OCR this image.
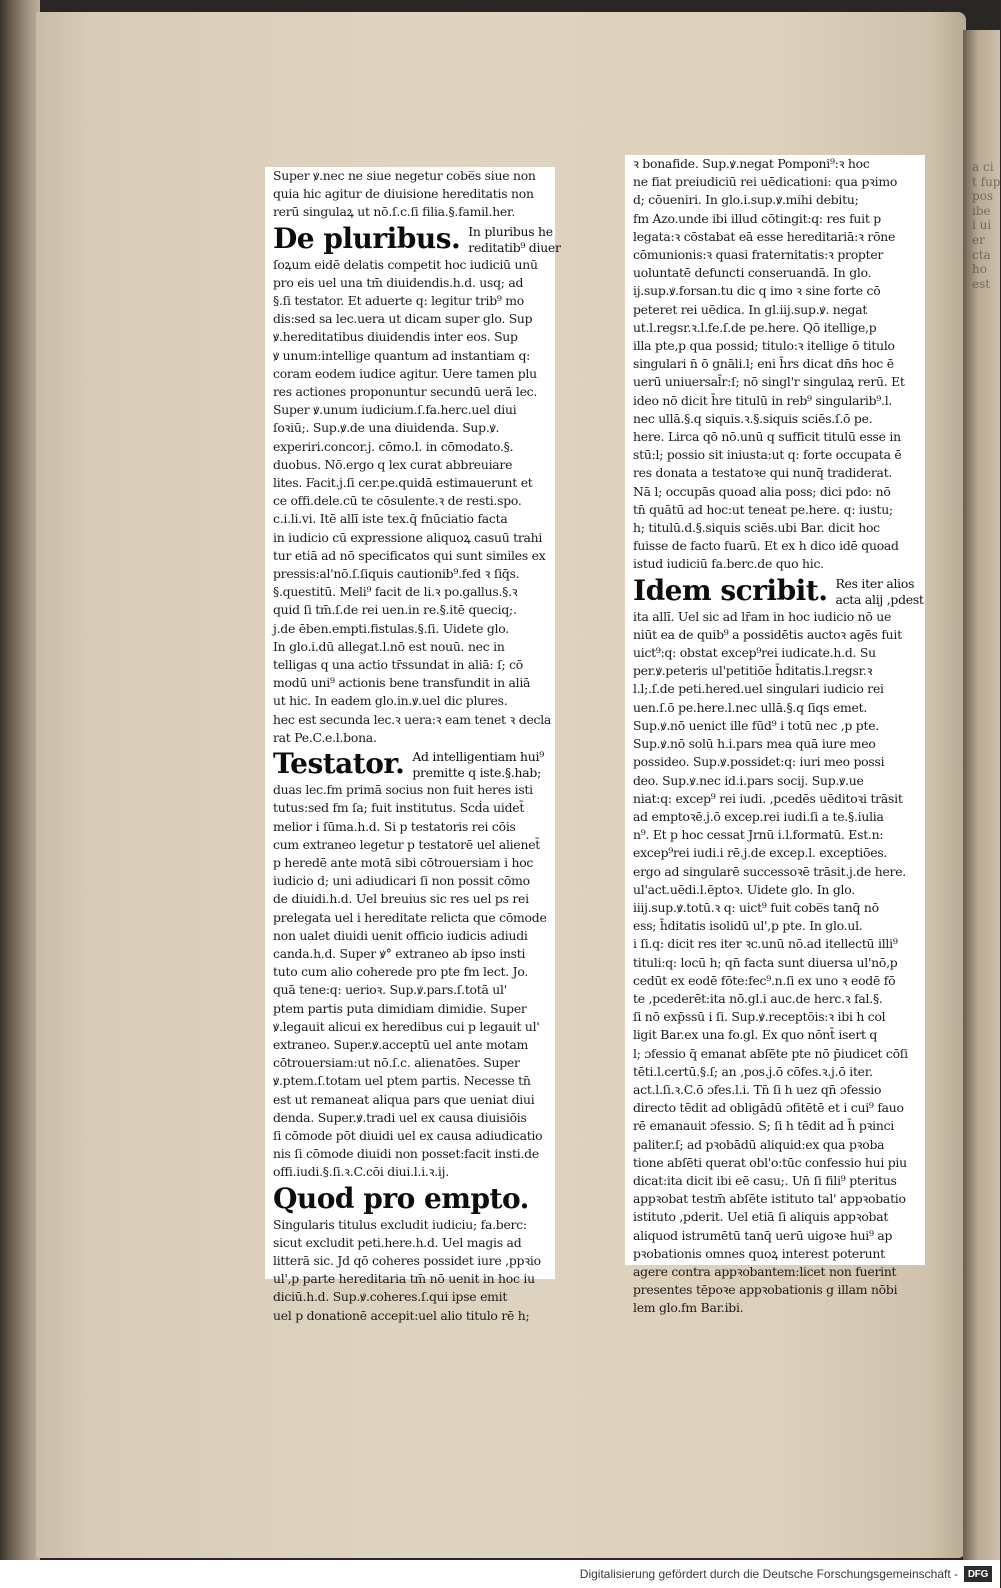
a ci
t fup
pos
ibe
i ui
er
cta
ho
est
Super ꝟ.nec ne siue negetur cobe̅s siue non
quia hic agitur de diuisione hereditatis non
rerū singulaꝝ ut nō.ſ.c.ſi filia.§.famil.her.
De pluribus. In pluribus he
reditatib⁹ diuer
ſoꝝum eidē delatis competit hoc iudiciū unū
pro eis uel una tm̄ diuidendis.h.d. usq; ad
§.ſi testator. Et aduerte q: legitur trib⁹ mo
dis:sed sa lec.uera ut dicam super glo. Sup
ꝟ.hereditatibus diuidendis inter eos. Sup
ꝟ unum:intellige quantum ad instantiam q:
coram eodem iudice agitur. Uere tamen plu
res actiones proponuntur secundū uerā lec.
Super ꝟ.unum iudicium.ſ.fa.herc.uel diui
ſoꝛiū;. Sup.ꝟ.de una diuidenda. Sup.ꝟ.
experiri.concor.j. cōmo.l. in cōmodato.§.
duobus. Nō.ergo q lex curat abbreuiare
lites. Facit.j.ſi cer.pe.quidā estimauerunt et
ce offi.dele.cū te cōsulente.ꝛ de resti.spo.
c.i.li.vi. Itē allī iste tex.q̄ fnūciatio facta
in iudicio cū expressione aliquoꝝ casuū trahi
tur etiā ad nō specificatos qui sunt similes ex
pressis:al'nō.ſ.ſiquis cautionib⁹.fed ꝛ ſiq̄s.
§.questitū. Meli⁹ facit de li.ꝛ po.gallus.§.ꝛ
quid ſi tm̄.ſ.de rei uen.in re.§.itē queciq;.
j.de ēben.empti.fistulas.§.ſi. Uidete glo.
In glo.i.dū allegat.l.nō est nouū. nec in
telligas q una actio tr̄ssundat in aliā: ſ; cō
modū uni⁹ actionis bene transfundit in aliā
ut hic. In eadem glo.in.ꝟ.uel dic plures.
hec est secunda lec.ꝛ uera:ꝛ eam tenet ꝛ decla
rat Pe.C.e.l.bona.
Testator. Ad intelligentiam hui⁹
premitte q iste.§.hab;
duas lec.fm primā socius non fuit heres isti
tutus:sed fm ſa; fuit institutus. Scḋa uidet̄
melior i ſūma.h.d. Si p testatoris rei cōis
cum extraneo legetur p testatorē uel alienet̄
p heredē ante motā sibi cōtrouersiam i hoc
iudicio d; uni adiudicari ſi non possit cōmo
de diuidi.h.d. Uel breuius sic res uel ps rei
prelegata uel i hereditate relicta que cōmode
non ualet diuidi uenit officio iudicis adiudi
canda.h.d. Super ꝟ° extraneo ab ipso insti
tuto cum alio coherede pro pte fm lect. Jo.
quā tene:q: uerioꝛ. Sup.ꝟ.pars.ſ.totā ul'
ptem partis puta dimidiam dimidie. Super
ꝟ.legauit alicui ex heredibus cui p legauit ul'
extraneo. Super.ꝟ.acceptū uel ante motam
cōtrouersiam:ut nō.ſ.c. alienatōes. Super
ꝟ.ptem.ſ.totam uel ptem partis. Necesse tn̄
est ut remaneat aliqua pars que ueniat diui
denda. Super.ꝟ.tradi uel ex causa diuisiōis
ſi cōmode pōt diuidi uel ex causa adiudicatio
nis ſi cōmode diuidi non posset:facit insti.de
offi.iudi.§.ſi.ꝛ.C.cōi diui.l.i.ꝛ.ij.
Quod pro empto.
Singularis titulus excludit iudiciu; fa.berc:
sicut excludit peti.here.h.d. Uel magis ad
litterā sic. Jd qō coheres possidet iure ,ppꝛio
ul',p parte hereditaria tm̄ nō uenit in hoc iu
diciū.h.d. Sup.ꝟ.coheres.ſ.qui ipse emit
uel p donationē accepit:uel alio titulo rē h;
ꝛ bonafide. Sup.ꝟ.negat Pomponi⁹:ꝛ hoc
ne fiat preiudiciū rei uēdicationi: qua pꝛimo
d; cōueniri. In glo.i.sup.ꝟ.mihi debitu;
fm Azo.unde ibi illud cōtingit:q: res fuit p
legata:ꝛ cōstabat eā esse hereditariā:ꝛ rōne
cōmunionis:ꝛ quasi fraternitatis:ꝛ propter
uoluntatē defuncti conseruandā. In glo.
ij.sup.ꝟ.forsan.tu dic q imo ꝛ sine forte cō
peteret rei uēdica. In gl.iij.sup.ꝟ. negat
ut.l.regsr.ꝛ.l.fe.ſ.de pe.here. Qō itellige,p
illa pte,p qua possid; titulo:ꝛ itellige ō titulo
singulari n̄ ō gnāli.l; eni h̄rs dicat dn̄s hoc ē
uerū uniuersal̄r:ſ; nō singl'r singulaꝝ rerū. Et
ideo nō dicit h̄re titulū in reb⁹ singularib⁹.l.
nec ullā.§.q siquis.ꝛ.§.siquis sciēs.ſ.ō pe.
here. Lirca qō nō.unū q sufficit titulū esse in
stū:l; possio sit iniusta:ut q: forte occupata ē
res donata a testatoꝛe qui nunq̄ tradiderat.
Nā l; occupās quoad alia poss; dici pdo: nō
tn̄ quātū ad hoc:ut teneat pe.here. q: iustu;
h; titulū.d.§.siquis sciēs.ubi Bar. dicit hoc
fuisse de facto fuarū. Et ex h dico idē quoad
istud iudiciū fa.berc.de quo hic.
Idem scribit. Res iter alios
acta alij ,pdest
ita allī. Uel sic ad lr̄am in hoc iudicio nō ue
niūt ea de quib⁹ a possidētis auctoꝛ agēs fuit
uict⁹:q: obstat excep⁹rei iudicate.h.d. Su
per.ꝟ.peteris ul'petitiōe h̄ditatis.l.regsr.ꝛ
l.l;.ſ.de peti.hered.uel singulari iudicio rei
uen.ſ.ō pe.here.l.nec ullā.§.q ſiqs emet.
Sup.ꝟ.nō uenict ille fūd⁹ i totū nec ,p pte.
Sup.ꝟ.nō solū h.i.pars mea quā iure meo
possideo. Sup.ꝟ.possidet:q: iuri meo possi
deo. Sup.ꝟ.nec id.i.pars socij. Sup.ꝟ.ue
niat:q: excep⁹ rei iudi. ,pcedēs uēditoꝛi trāsit
ad emptoꝛē.j.ō excep.rei iudi.ſi a te.§.iulia
n⁹. Et p hoc cessat Jrnū i.l.formatū. Est.n:
excep⁹rei iudi.i rē.j.de excep.l. exceptiōes.
ergo ad singularē successoꝛē trāsit.j.de here.
ul'act.uēdi.l.ēptoꝛ. Uidete glo. In glo.
iiij.sup.ꝟ.totū.ꝛ q: uict⁹ fuit cobe̅s tanq̄ nō
ess; h̄ditatis isolidū ul',p pte. In glo.ul.
i ſi.q: dicit res iter ꝛc.unū nō.ad itellectū illi⁹
tituli:q: locū h; qn̄ facta sunt diuersa ul'nō,p
cedūt ex eodē fōte:fec⁹.n.ſi ex uno ꝛ eodē fō
te ,pcederēt:ita nō.gl.i auc.de herc.ꝛ fal.§.
ſi nō exp̄ssū i ſi. Sup.ꝟ.receptōis:ꝛ ibi h col
ligit Bar.ex una fo.gl. Ex quo nōnt̄ isert q
l; ɔfessio q̄ emanat abſēte pte nō p̄iudicet cōſi
tēti.l.certū.§.ſ; an ,pos.j.ō cōfes.ꝛ.j.ō iter.
act.l.ſi.ꝛ.C.ō ɔfes.l.i. Tn̄ ſi h uez qn̄ ɔfessio
directo tēdit ad obligādū ɔfitētē et i cui⁹ fauo
rē emanauit ɔfessio. S; ſi h tēdit ad h̄ pꝛinci
paliter.ſ; ad pꝛobādū aliquid:ex qua pꝛoba
tione abſēti querat obl'o:tūc confessio hui piu
dicat:ita dicit ibi eē casu;. Un̄ ſi fili⁹ pteritus
appꝛobat testm̄ abſēte istituto tal' appꝛobatio
istituto ,pderit. Uel etiā ſi aliquis appꝛobat
aliquod istrumētū tanq̄ uerū uigoꝛe hui⁹ ap
pꝛobationis omnes quoꝝ interest poterunt
agere contra appꝛobantem:licet non fuerint
presentes tēpoꝛe appꝛobationis g illam nōbi
lem glo.fm Bar.ibi.
Digitalisierung gefördert durch die Deutsche Forschungsgemeinschaft - DFG
